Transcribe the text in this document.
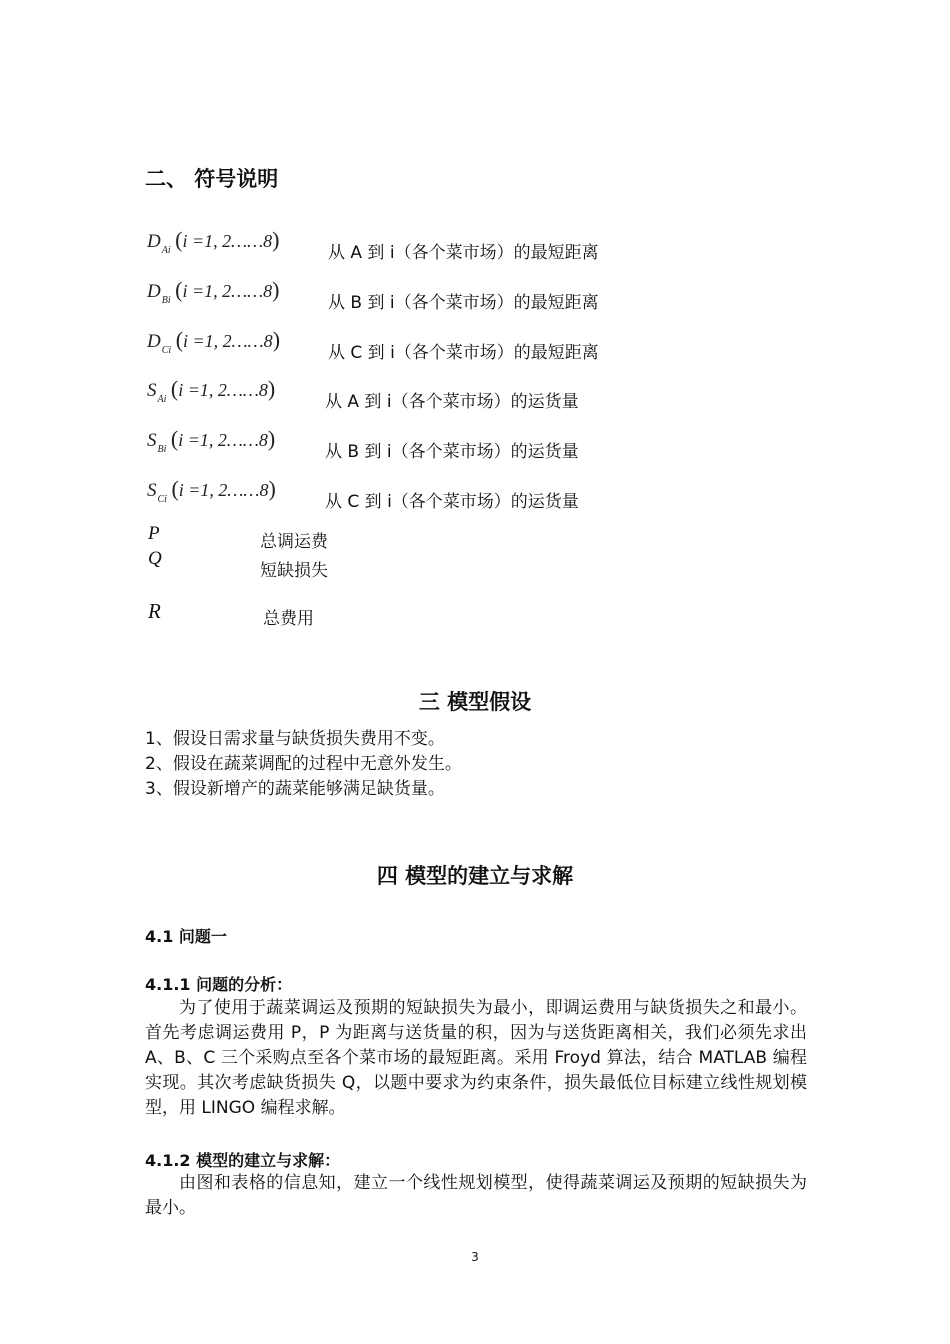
二、 符号说明
$D_{Ai}$ (i =1, 2……8)
从 A 到 i（各个菜市场）的最短距离
$D_{Bi}$ (i =1, 2……8)
从 B 到 i（各个菜市场）的最短距离
$D_{Ci}$ (i =1, 2……8)
从 C 到 i（各个菜市场）的最短距离
$S_{Ai}$ (i =1, 2……8)
从 A 到 i（各个菜市场）的运货量
$S_{Bi}$ (i =1, 2……8)
从 B 到 i（各个菜市场）的运货量
$S_{Ci}$ (i =1, 2……8)
从 C 到 i（各个菜市场）的运货量
P	总调运费
Q
短缺损失
R	总费用
三 模型假设
1、假设日需求量与缺货损失费用不变。
2、假设在蔬菜调配的过程中无意外发生。
3、假设新增产的蔬菜能够满足缺货量。
四 模型的建立与求解
4.1 问题一
4.1.1 问题的分析：

为了使用于蔬菜调运及预期的短缺损失为最小，即调运费用与缺货损失之和最小。首先考虑调运费用 P，P 为距离与送货量的积，因为与送货距离相关，我们必须先求出 A、B、C 三个采购点至各个菜市场的最短距离。采用 Froyd 算法，结合 MATLAB 编程实现。其次考虑缺货损失 Q，以题中要求为约束条件，损失最低位目标建立线性规划模型，用 LINGO 编程求解。

4.1.2 模型的建立与求解：

由图和表格的信息知，建立一个线性规划模型，使得蔬菜调运及预期的短缺损失为最小。

3
